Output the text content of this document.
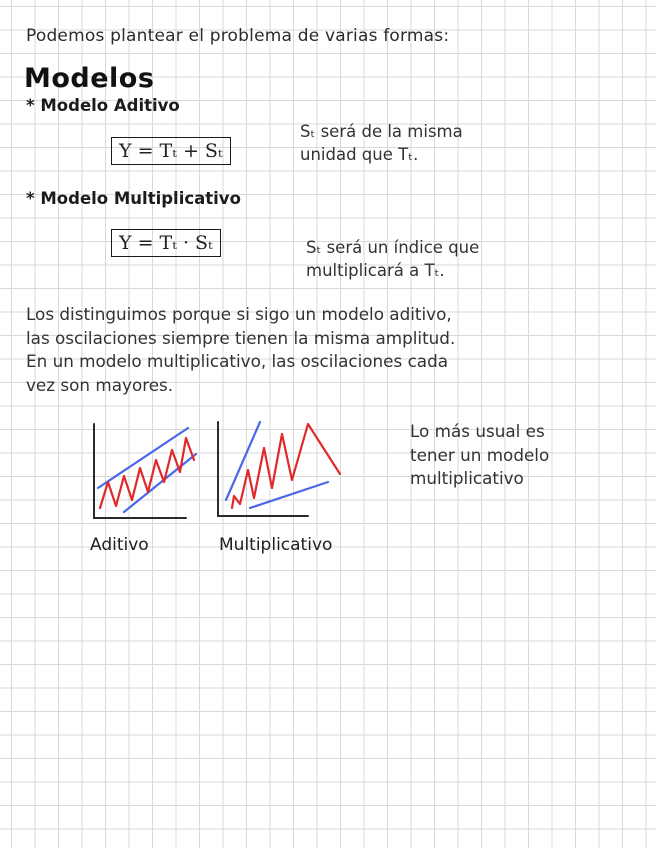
Podemos plantear el problema de varias formas:
Modelos
* Modelo Aditivo
Y = Tₜ + Sₜ
Sₜ será de la misma
unidad que Tₜ.
* Modelo Multiplicativo
Y = Tₜ · Sₜ	Sₜ será un índice que
multiplicará a Tₜ.
Los distinguimos porque si sigo un modelo aditivo,
las oscilaciones siempre tienen la misma amplitud.
En un modelo multiplicativo, las oscilaciones cada
vez son mayores.
Aditivo	Multiplicativo
Lo más usual es
tener un modelo
multiplicativo
